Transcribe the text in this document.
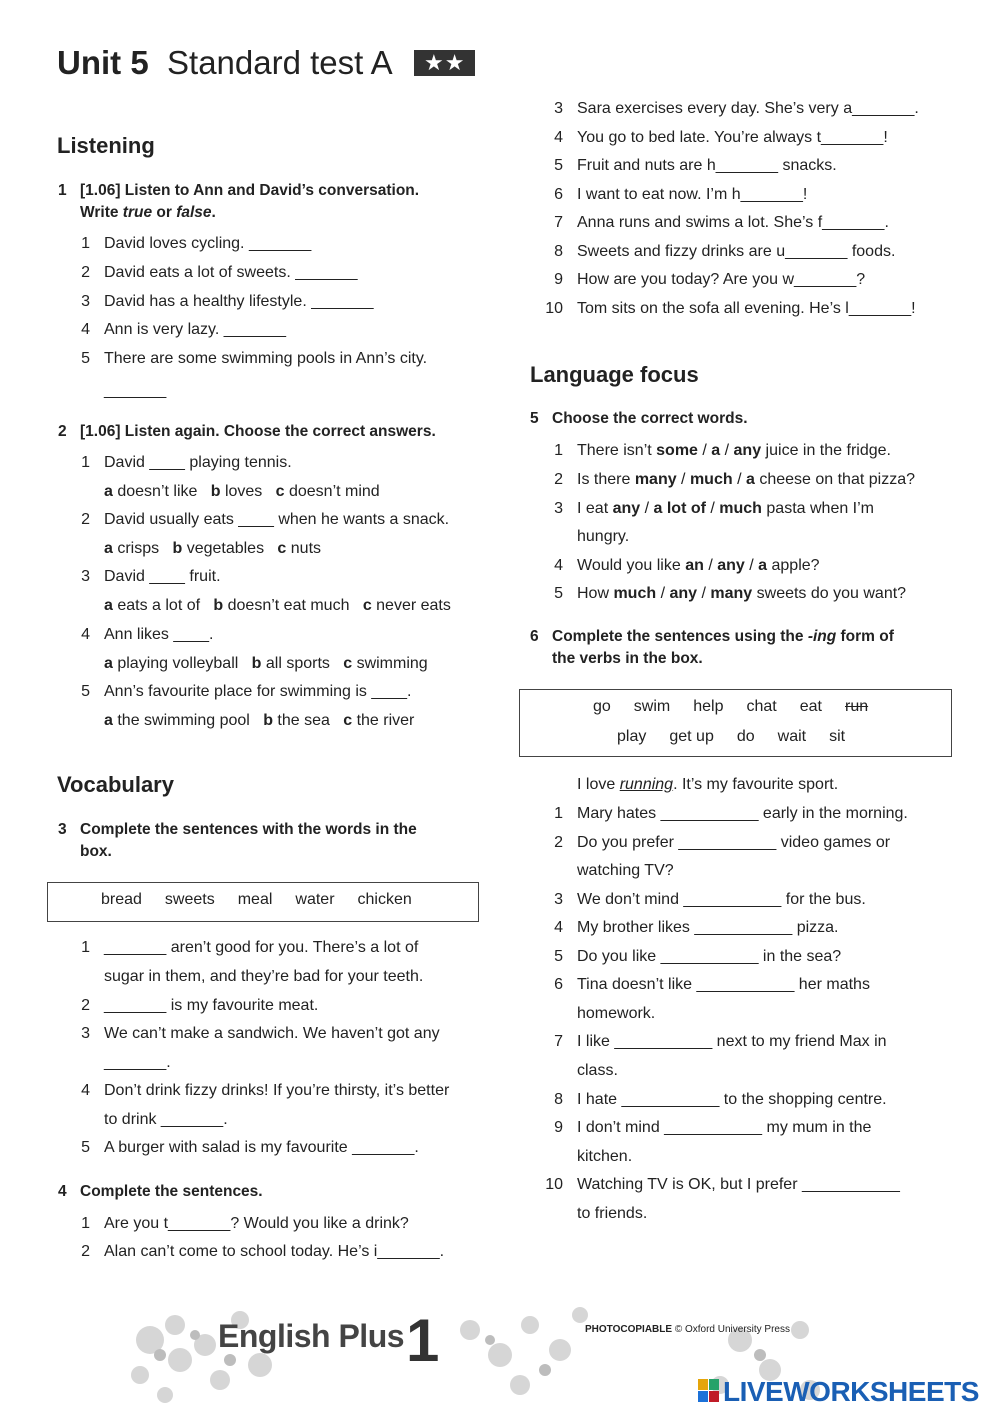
Unit 5 Standard test A ★★
Listening
1 [1.06] Listen to Ann and David’s conversation.
Write true or false.
1 David loves cycling. _______
2 David eats a lot of sweets. _______
3 David has a healthy lifestyle. _______
4 Ann is very lazy. _______
5 There are some swimming pools in Ann’s city.
_______
2 [1.06] Listen again. Choose the correct answers.
1 David ____ playing tennis.
a doesn’t like   b loves   c doesn’t mind
2 David usually eats ____ when he wants a snack.
a crisps   b vegetables   c nuts
3 David ____ fruit.
a eats a lot of   b doesn’t eat much   c never eats
4 Ann likes ____.
a playing volleyball   b all sports   c swimming
5 Ann’s favourite place for swimming is ____.
a the swimming pool   b the sea   c the river
Vocabulary
3 Complete the sentences with the words in the
box.
bread sweets meal water chicken
1 _______ aren’t good for you. There’s a lot of
sugar in them, and they’re bad for your teeth.
2 _______ is my favourite meat.
3 We can’t make a sandwich. We haven’t got any
_______.
4 Don’t drink fizzy drinks! If you’re thirsty, it’s better
to drink _______.
5 A burger with salad is my favourite _______.
4 Complete the sentences.
1 Are you t_______? Would you like a drink?
2 Alan can’t come to school today. He’s i_______.
3 Sara exercises every day. She’s very a_______.
4 You go to bed late. You’re always t_______!
5 Fruit and nuts are h_______ snacks.
6 I want to eat now. I’m h_______!
7 Anna runs and swims a lot. She’s f_______.
8 Sweets and fizzy drinks are u_______ foods.
9 How are you today? Are you w_______?
10 Tom sits on the sofa all evening. He’s l_______!
Language focus
5 Choose the correct words.
1 There isn’t some / a / any juice in the fridge.
2 Is there many / much / a cheese on that pizza?
3 I eat any / a lot of / much pasta when I’m
hungry.
4 Would you like an / any / a apple?
5 How much / any / many sweets do you want?
6 Complete the sentences using the -ing form of
the verbs in the box.
go swim help chat eat run
play get up do wait sit
I love running. It’s my favourite sport.
1 Mary hates ___________ early in the morning.
2 Do you prefer ___________ video games or
watching TV?
3 We don’t mind ___________ for the bus.
4 My brother likes ___________ pizza.
5 Do you like ___________ in the sea?
6 Tina doesn’t like ___________ her maths
homework.
7 I like ___________ next to my friend Max in
class.
8 I hate ___________ to the shopping centre.
9 I don’t mind ___________ my mum in the
kitchen.
10 Watching TV is OK, but I prefer ___________
to friends.
English Plus 1	PHOTOCOPIABLE © Oxford University Press
LIVEWORKSHEETS
